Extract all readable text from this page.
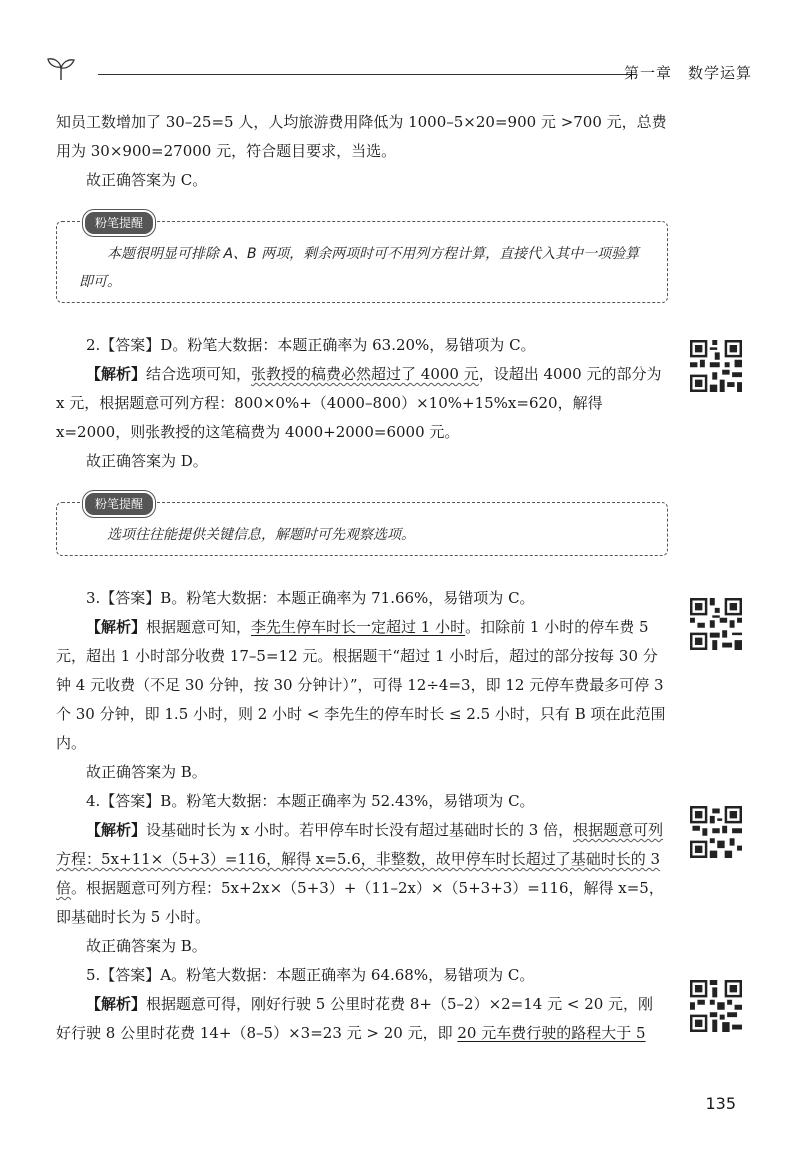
第一章　数学运算

知员工数增加了 30–25=5 人，人均旅游费用降低为 1000–5×20=900 元 >700 元，总费用为 30×900=27000 元，符合题目要求，当选。

故正确答案为 C。

粉笔提醒

本题很明显可排除 A、B 两项，剩余两项时可不用列方程计算，直接代入其中一项验算即可。

2.【答案】D。粉笔大数据：本题正确率为 63.20%，易错项为 C。

【解析】结合选项可知，张教授的稿费必然超过了 4000 元，设超出 4000 元的部分为 x 元，根据题意可列方程：800×0%+（4000–800）×10%+15%x=620，解得 x=2000，则张教授的这笔稿费为 4000+2000=6000 元。

故正确答案为 D。

粉笔提醒

选项往往能提供关键信息，解题时可先观察选项。

3.【答案】B。粉笔大数据：本题正确率为 71.66%，易错项为 C。

【解析】根据题意可知，李先生停车时长一定超过 1 小时。扣除前 1 小时的停车费 5 元，超出 1 小时部分收费 17–5=12 元。根据题干“超过 1 小时后，超过的部分按每 30 分钟 4 元收费（不足 30 分钟，按 30 分钟计）”，可得 12÷4=3，即 12 元停车费最多可停 3 个 30 分钟，即 1.5 小时，则 2 小时 < 李先生的停车时长 ≤ 2.5 小时，只有 B 项在此范围内。

故正确答案为 B。

4.【答案】B。粉笔大数据：本题正确率为 52.43%，易错项为 C。

【解析】设基础时长为 x 小时。若甲停车时长没有超过基础时长的 3 倍，根据题意可列方程：5x+11×（5+3）=116，解得 x=5.6，非整数，故甲停车时长超过了基础时长的 3 倍。根据题意可列方程：5x+2x×（5+3）+（11–2x）×（5+3+3）=116，解得 x=5，即基础时长为 5 小时。

故正确答案为 B。

5.【答案】A。粉笔大数据：本题正确率为 64.68%，易错项为 C。

【解析】根据题意可得，刚好行驶 5 公里时花费 8+（5–2）×2=14 元 < 20 元，刚好行驶 8 公里时花费 14+（8–5）×3=23 元 > 20 元，即 20 元车费行驶的路程大于 5

135
